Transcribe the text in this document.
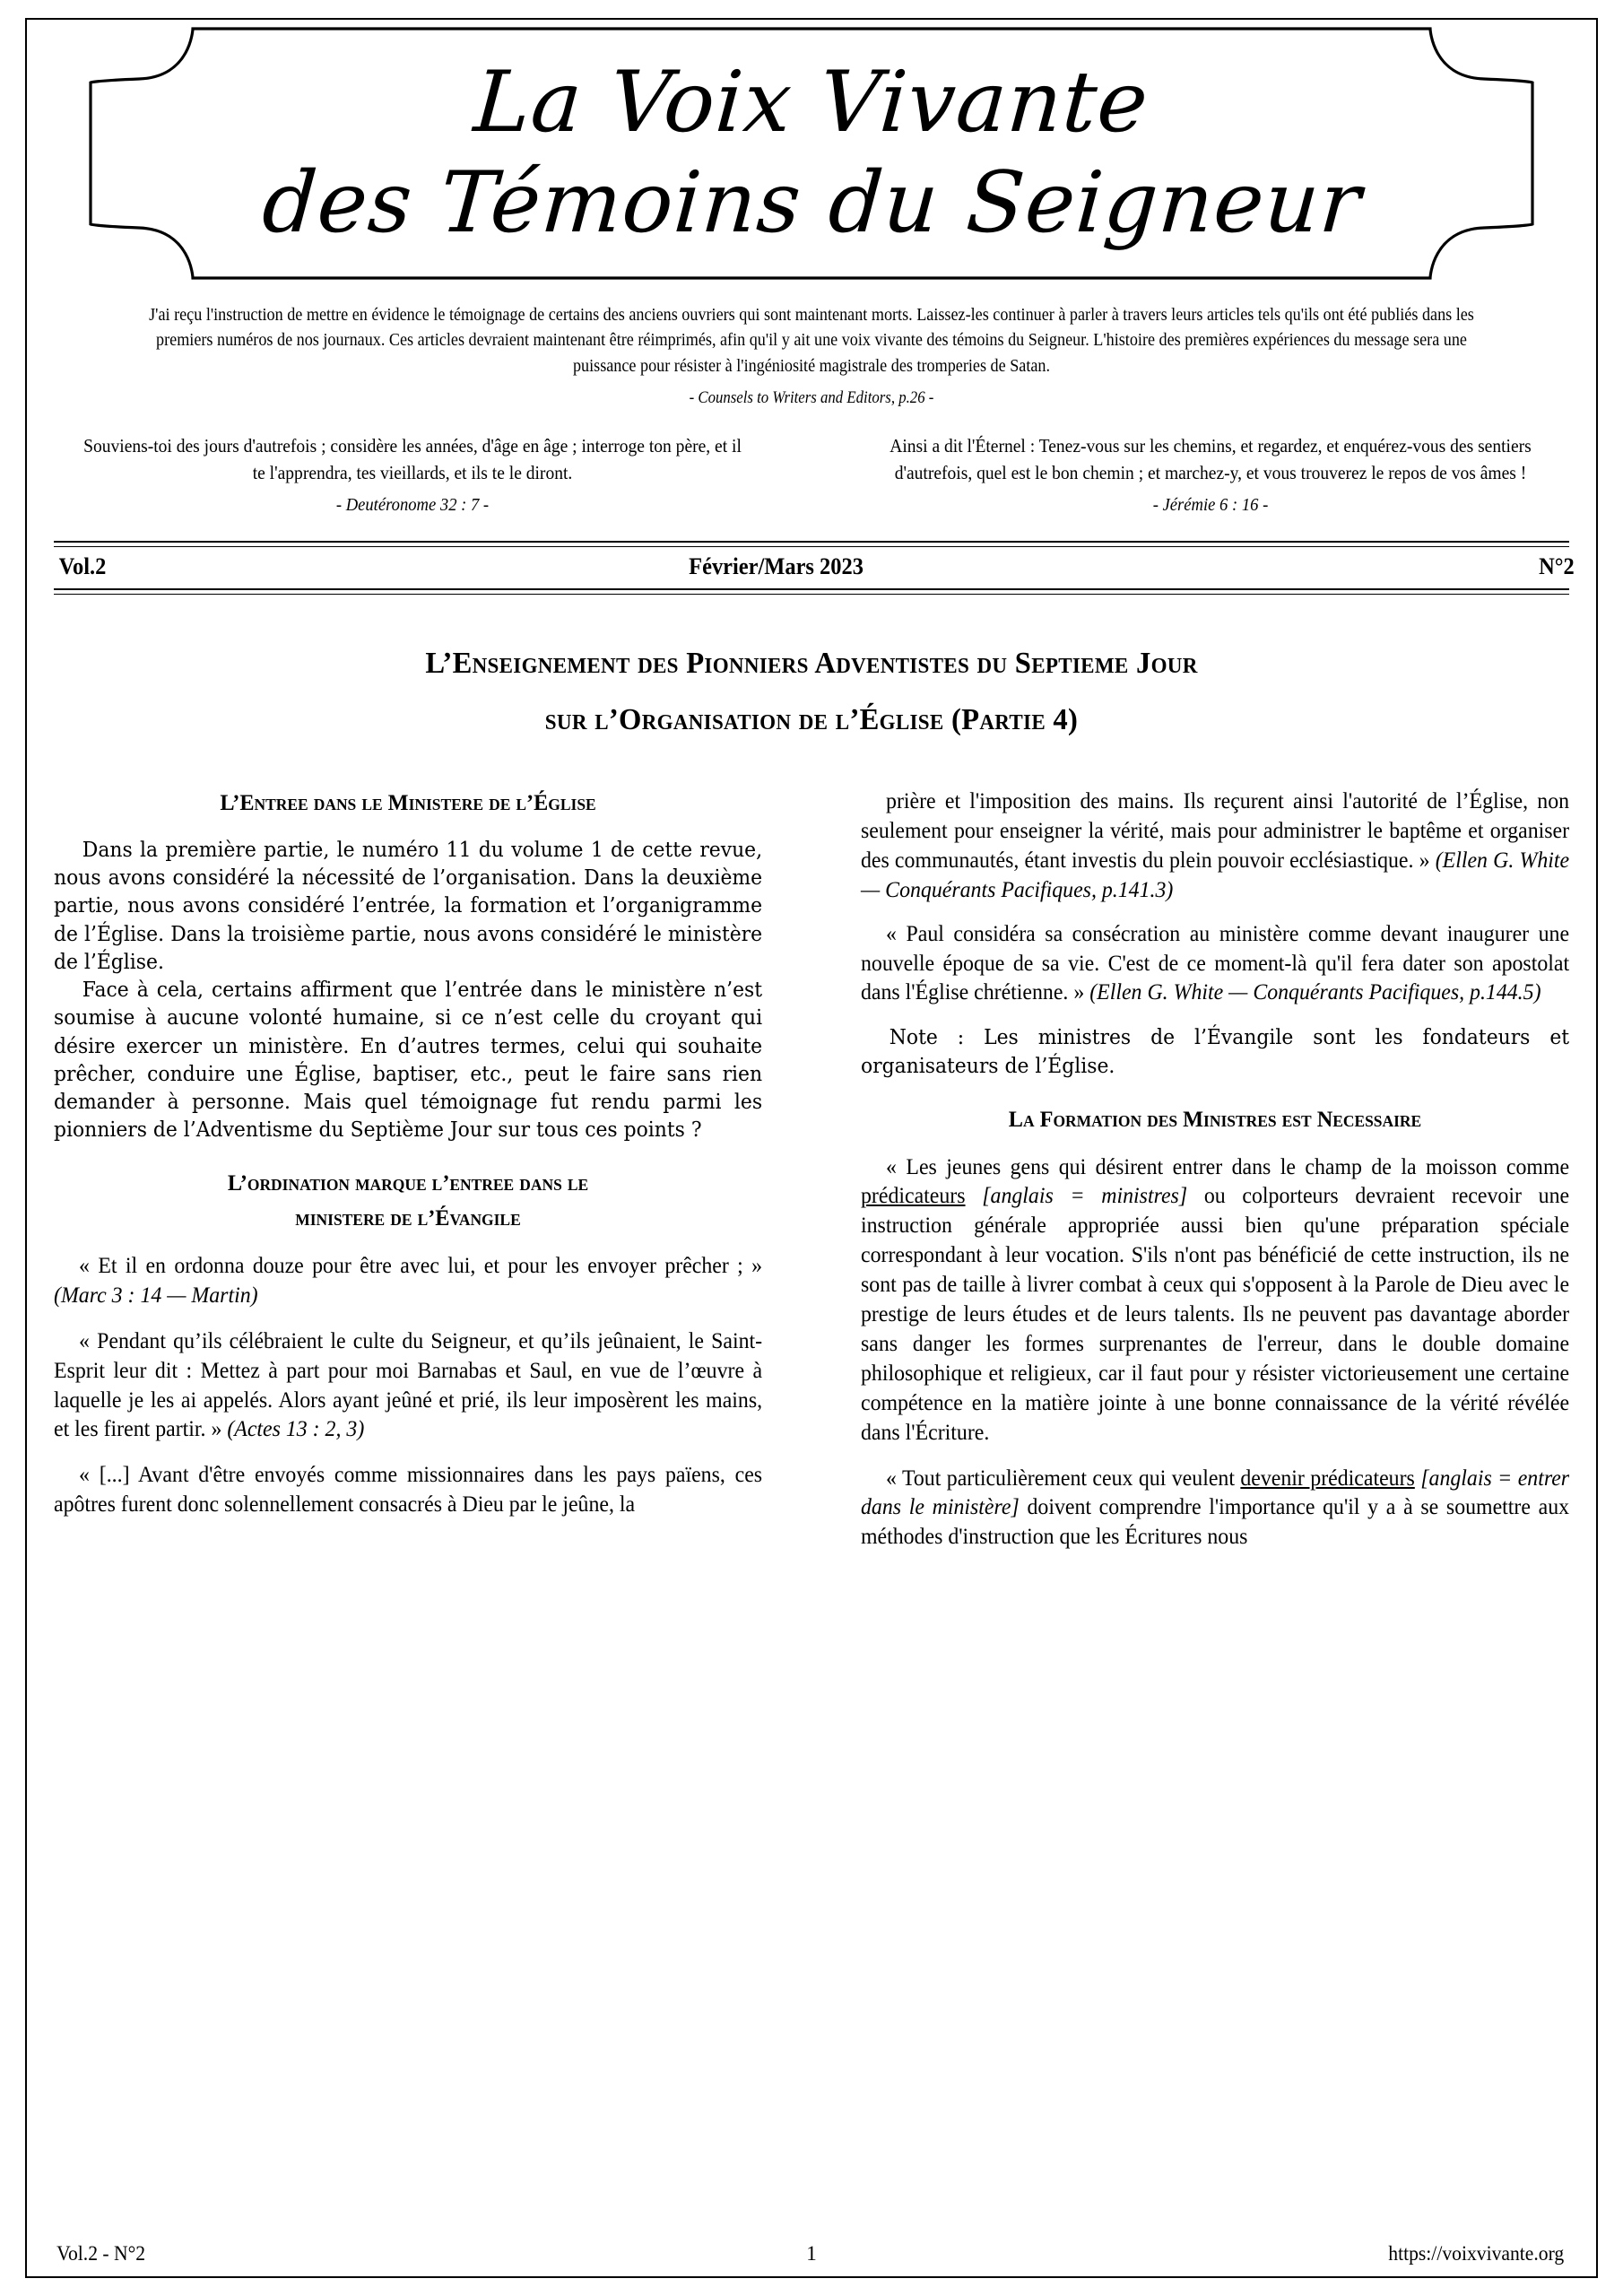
La Voix Vivante
des Témoins du Seigneur
J'ai reçu l'instruction de mettre en évidence le témoignage de certains des anciens ouvriers qui sont maintenant morts. Laissez-les continuer à parler à travers leurs articles tels qu'ils ont été publiés dans les premiers numéros de nos journaux. Ces articles devraient maintenant être réimprimés, afin qu'il y ait une voix vivante des témoins du Seigneur. L'histoire des premières expériences du message sera une puissance pour résister à l'ingéniosité magistrale des tromperies de Satan.
- Counsels to Writers and Editors, p.26 -
Souviens-toi des jours d'autrefois ; considère les années, d'âge en âge ; interroge ton père, et il te l'apprendra, tes vieillards, et ils te le diront.
- Deutéronome 32 : 7 -
Ainsi a dit l'Éternel : Tenez-vous sur les chemins, et regardez, et enquérez-vous des sentiers d'autrefois, quel est le bon chemin ; et marchez-y, et vous trouverez le repos de vos âmes !
- Jérémie 6 : 16 -
Vol.2	Février/Mars 2023	N°2
L’Enseignement des Pionniers Adventistes du Septieme Jour
sur l’Organisation de l’Église (Partie 4)
L’Entree dans le Ministere de l’Église

Dans la première partie, le numéro 11 du volume 1 de cette revue, nous avons considéré la nécessité de l’organisation. Dans la deuxième partie, nous avons considéré l’entrée, la formation et l’organigramme de l’Église. Dans la troisième partie, nous avons considéré le ministère de l’Église.

Face à cela, certains affirment que l’entrée dans le ministère n’est soumise à aucune volonté humaine, si ce n’est celle du croyant qui désire exercer un ministère. En d’autres termes, celui qui souhaite prêcher, conduire une Église, baptiser, etc., peut le faire sans rien demander à personne. Mais quel témoignage fut rendu parmi les pionniers de l’Adventisme du Septième Jour sur tous ces points ?

L’ordination marque l’entree dans le
ministere de l’Évangile

« Et il en ordonna douze pour être avec lui, et pour les envoyer prêcher ; » (Marc 3 : 14 — Martin)

« Pendant qu’ils célébraient le culte du Seigneur, et qu’ils jeûnaient, le Saint-Esprit leur dit : Mettez à part pour moi Barnabas et Saul, en vue de l’œuvre à laquelle je les ai appelés. Alors ayant jeûné et prié, ils leur imposèrent les mains, et les firent partir. » (Actes 13 : 2, 3)

« [...] Avant d'être envoyés comme missionnaires dans les pays païens, ces apôtres furent donc solennellement consacrés à Dieu par le jeûne, la

prière et l'imposition des mains. Ils reçurent ainsi l'autorité de l’Église, non seulement pour enseigner la vérité, mais pour administrer le baptême et organiser des communautés, étant investis du plein pouvoir ecclésiastique. » (Ellen G. White — Conquérants Pacifiques, p.141.3)

« Paul considéra sa consécration au ministère comme devant inaugurer une nouvelle époque de sa vie. C'est de ce moment-là qu'il fera dater son apostolat dans l'Église chrétienne. » (Ellen G. White — Conquérants Pacifiques, p.144.5)

Note : Les ministres de l’Évangile sont les fondateurs et organisateurs de l’Église.

La Formation des Ministres est Necessaire

« Les jeunes gens qui désirent entrer dans le champ de la moisson comme prédicateurs [anglais = ministres] ou colporteurs devraient recevoir une instruction générale appropriée aussi bien qu'une préparation spéciale correspondant à leur vocation. S'ils n'ont pas bénéficié de cette instruction, ils ne sont pas de taille à livrer combat à ceux qui s'opposent à la Parole de Dieu avec le prestige de leurs études et de leurs talents. Ils ne peuvent pas davantage aborder sans danger les formes surprenantes de l'erreur, dans le double domaine philosophique et religieux, car il faut pour y résister victorieusement une certaine compétence en la matière jointe à une bonne connaissance de la vérité révélée dans l'Écriture.

« Tout particulièrement ceux qui veulent devenir prédicateurs [anglais = entrer dans le ministère] doivent comprendre l'importance qu'il y a à se soumettre aux méthodes d'instruction que les Écritures nous

Vol.2 - N°2	1	https://voixvivante.org
